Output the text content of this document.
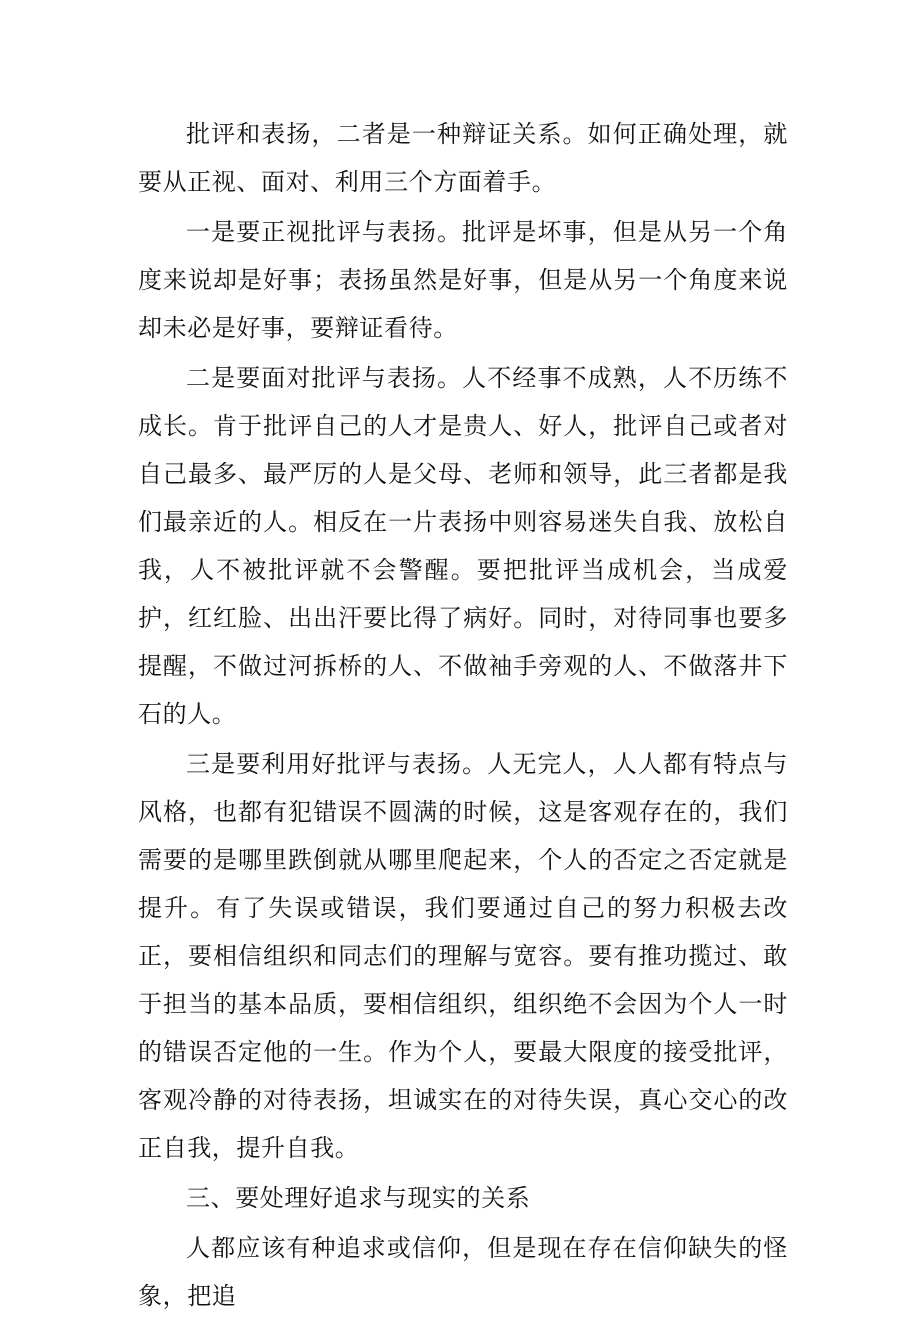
批评和表扬，二者是一种辩证关系。如何正确处理，就要从正视、面对、利用三个方面着手。

一是要正视批评与表扬。批评是坏事，但是从另一个角度来说却是好事；表扬虽然是好事，但是从另一个角度来说却未必是好事，要辩证看待。

二是要面对批评与表扬。人不经事不成熟，人不历练不成长。肯于批评自己的人才是贵人、好人，批评自己或者对自己最多、最严厉的人是父母、老师和领导，此三者都是我们最亲近的人。相反在一片表扬中则容易迷失自我、放松自我，人不被批评就不会警醒。要把批评当成机会，当成爱护，红红脸、出出汗要比得了病好。同时，对待同事也要多提醒，不做过河拆桥的人、不做袖手旁观的人、不做落井下石的人。

三是要利用好批评与表扬。人无完人，人人都有特点与风格，也都有犯错误不圆满的时候，这是客观存在的，我们需要的是哪里跌倒就从哪里爬起来，个人的否定之否定就是提升。有了失误或错误，我们要通过自己的努力积极去改正，要相信组织和同志们的理解与宽容。要有推功揽过、敢于担当的基本品质，要相信组织，组织绝不会因为个人一时的错误否定他的一生。作为个人，要最大限度的接受批评，客观冷静的对待表扬，坦诚实在的对待失误，真心交心的改正自我，提升自我。

三、要处理好追求与现实的关系

人都应该有种追求或信仰，但是现在存在信仰缺失的怪象，把追
